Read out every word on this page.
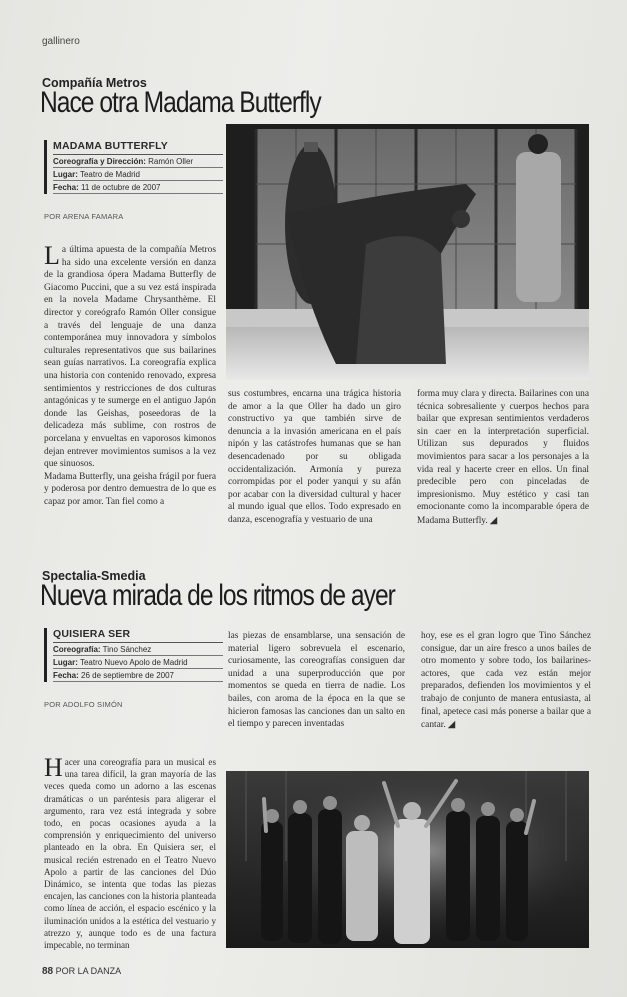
gallinero
Compañía Metros
Nace otra Madama Butterfly
MADAMA BUTTERFLY
Coreografía y Dirección: Ramón Oller
Lugar: Teatro de Madrid
Fecha: 11 de octubre de 2007
POR ARENA FAMARA

La última apuesta de la compañía Metros ha sido una excelente versión en danza de la grandiosa ópera Madama Butterfly de Giacomo Puccini, que a su vez está inspirada en la novela Madame Chrysanthème. El director y coreógrafo Ramón Oller consigue a través del lenguaje de una danza contemporánea muy innovadora y símbolos culturales representativos que sus bailarines sean guías narrativos. La coreografía explica una historia con contenido renovado, expresa sentimientos y restricciones de dos culturas antagónicas y te sumerge en el antiguo Japón donde las Geishas, poseedoras de la delicadeza más sublime, con rostros de porcelana y envueltas en vaporosos kimonos dejan entrever movimientos sumisos a la vez que sinuosos.

Madama Butterfly, una geisha frágil por fuera y poderosa por dentro demuestra de lo que es capaz por amor. Tan fiel como a

sus costumbres, encarna una trágica historia de amor a la que Oller ha dado un giro constructivo ya que también sirve de denuncia a la invasión americana en el país nipón y las catástrofes humanas que se han desencadenado por su obligada occidentalización. Armonía y pureza corrompidas por el poder yanqui y su afán por acabar con la diversidad cultural y hacer al mundo igual que ellos. Todo expresado en danza, escenografía y vestuario de una
forma muy clara y directa. Bailarines con una técnica sobresaliente y cuerpos hechos para bailar que expresan sentimientos verdaderos sin caer en la interpretación superficial. Utilizan sus depurados y fluidos movimientos para sacar a los personajes a la vida real y hacerte creer en ellos. Un final predecible pero con pinceladas de impresionismo. Muy estético y casi tan emocionante como la incomparable ópera de Madama Butterfly. ◢
Spectalia-Smedia
Nueva mirada de los ritmos de ayer
QUISIERA SER
Coreografía: Tino Sánchez
Lugar: Teatro Nuevo Apolo de Madrid
Fecha: 26 de septiembre de 2007
POR ADOLFO SIMÓN

Hacer una coreografía para un musical es una tarea difícil, la gran mayoría de las veces queda como un adorno a las escenas dramáticas o un paréntesis para aligerar el argumento, rara vez está integrada y sobre todo, en pocas ocasiones ayuda a la comprensión y enriquecimiento del universo planteado en la obra. En Quisiera ser, el musical recién estrenado en el Teatro Nuevo Apolo a partir de las canciones del Dúo Dinámico, se intenta que todas las piezas encajen, las canciones con la historia planteada como línea de acción, el espacio escénico y la iluminación unidos a la estética del vestuario y atrezzo y, aunque todo es de una factura impecable, no terminan

las piezas de ensamblarse, una sensación de material ligero sobrevuela el escenario, curiosamente, las coreografías consiguen dar unidad a una superproducción que por momentos se queda en tierra de nadie. Los bailes, con aroma de la época en la que se hicieron famosas las canciones dan un salto en el tiempo y parecen inventadas
hoy, ese es el gran logro que Tino Sánchez consigue, dar un aire fresco a unos bailes de otro momento y sobre todo, los bailarines-actores, que cada vez están mejor preparados, defienden los movimientos y el trabajo de conjunto de manera entusiasta, al final, apetece casi más ponerse a bailar que a cantar. ◢
88 POR LA DANZA
